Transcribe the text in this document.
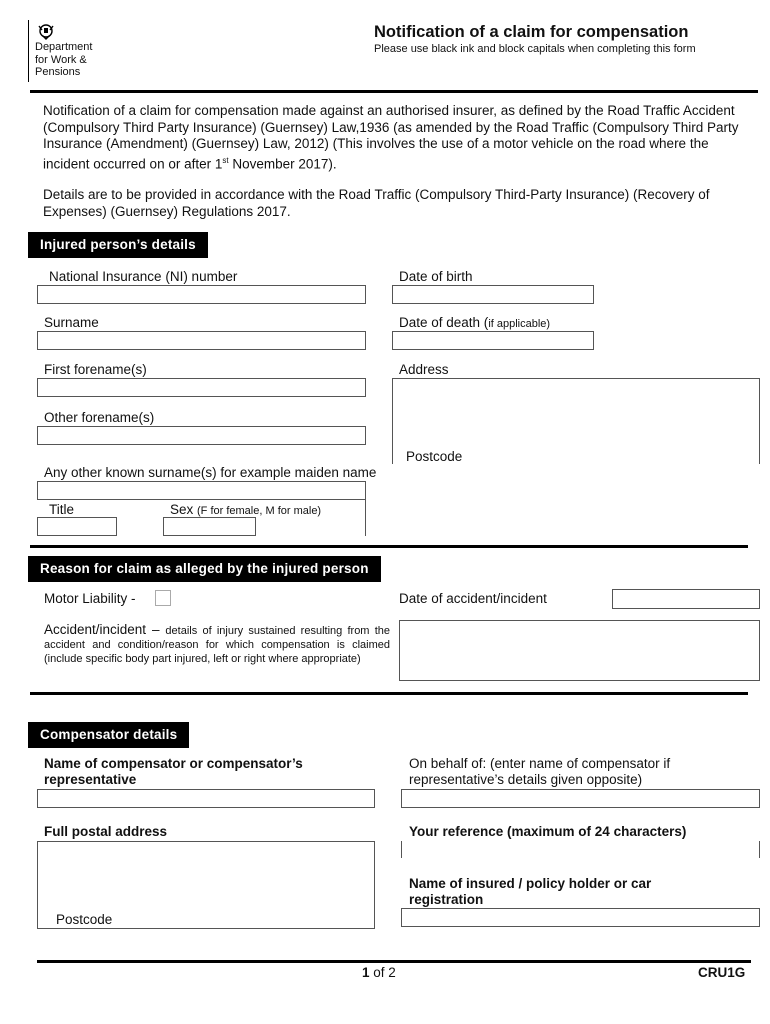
Department
for Work &
Pensions
Notification of a claim for compensation
Please use black ink and block capitals when completing this form
Notification of a claim for compensation made against an authorised insurer, as defined by the Road Traffic Accident (Compulsory Third Party Insurance) (Guernsey) Law,1936 (as amended by the Road Traffic (Compulsory Third Party Insurance (Amendment) (Guernsey) Law, 2012) (This involves the use of a motor vehicle on the road where the incident occurred on or after 1st November 2017).
Details are to be provided in accordance with the Road Traffic (Compulsory Third-Party Insurance) (Recovery of Expenses) (Guernsey) Regulations 2017.
Injured person’s details
National Insurance (NI) number	Date of birth
Surname	Date of death (if applicable)
First forename(s)	Address
Postcode
Other forename(s)
Any other known surname(s) for example maiden name
Title	Sex (F for female, M for male)
Reason for claim as alleged by the injured person
Motor Liability -	Date of accident/incident
Accident/incident – details of injury sustained resulting from the accident and condition/reason for which compensation is claimed (include specific body part injured, left or right where appropriate)
Compensator details
Name of compensator or compensator’s representative
On behalf of: (enter name of compensator if representative’s details given opposite)
Full postal address
Postcode
Your reference (maximum of 24 characters)
Name of insured / policy holder or car registration
1 of 2	CRU1G
